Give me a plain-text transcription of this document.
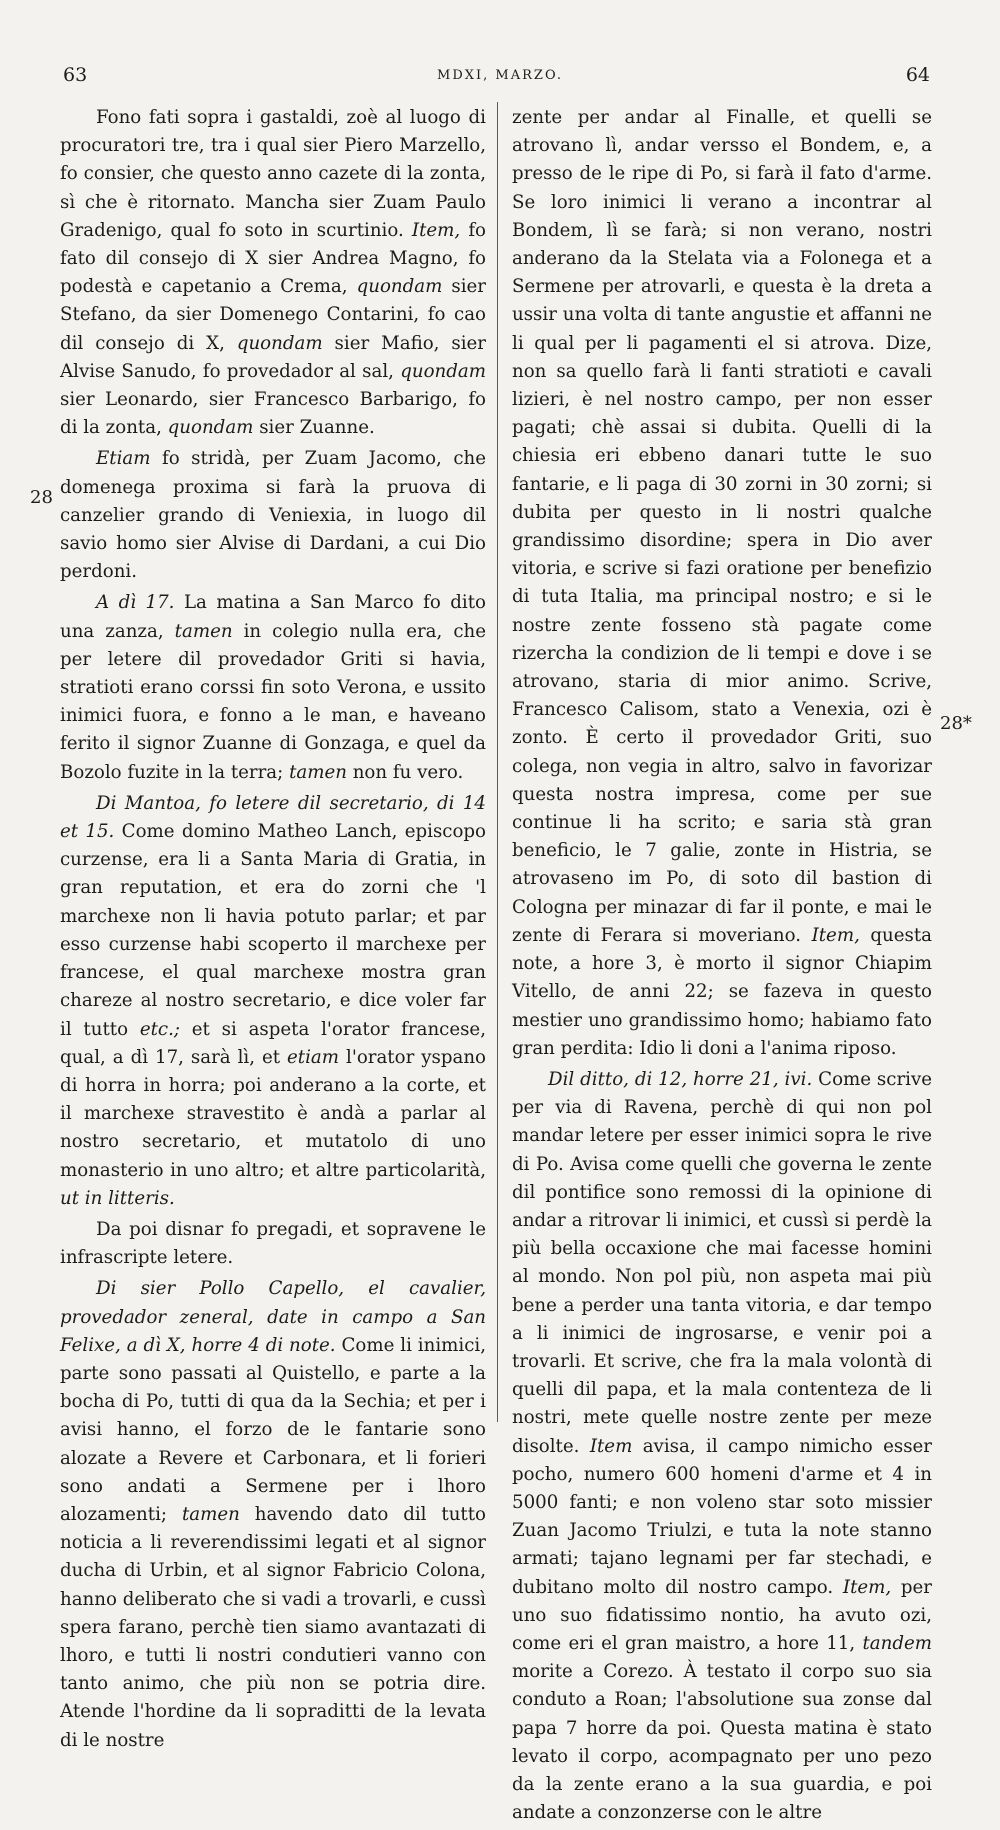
63	MDXI, MARZO.	64

Fono fati sopra i gastaldi, zoè al luogo di procuratori tre, tra i qual sier Piero Marzello, fo consier, che questo anno cazete di la zonta, sì che è ritornato. Mancha sier Zuam Paulo Gradenigo, qual fo soto in scurtinio. Item, fo fato dil consejo di X sier Andrea Magno, fo podestà e capetanio a Crema, quondam sier Stefano, da sier Domenego Contarini, fo cao dil consejo di X, quondam sier Mafio, sier Alvise Sanudo, fo provedador al sal, quondam sier Leonardo, sier Francesco Barbarigo, fo di la zonta, quondam sier Zuanne.

Etiam fo stridà, per Zuam Jacomo, che domenega proxima si farà la pruova di canzelier grando di Veniexia, in luogo dil savio homo sier Alvise di Dardani, a cui Dio perdoni.

A dì 17. La matina a San Marco fo dito una zanza, tamen in colegio nulla era, che per letere dil provedador Griti si havia, stratioti erano corssi fin soto Verona, e ussito inimici fuora, e fonno a le man, e haveano ferito il signor Zuanne di Gonzaga, e quel da Bozolo fuzite in la terra; tamen non fu vero.

Di Mantoa, fo letere dil secretario, di 14 et 15. Come domino Matheo Lanch, episcopo curzense, era li a Santa Maria di Gratia, in gran reputation, et era do zorni che 'l marchexe non li havia potuto parlar; et par esso curzense habi scoperto il marchexe per francese, el qual marchexe mostra gran chareze al nostro secretario, e dice voler far il tutto etc.; et si aspeta l'orator francese, qual, a dì 17, sarà lì, et etiam l'orator yspano di horra in horra; poi anderano a la corte, et il marchexe stravestito è andà a parlar al nostro secretario, et mutatolo di uno monasterio in uno altro; et altre particolarità, ut in litteris.

Da poi disnar fo pregadi, et sopravene le infrascripte letere.

Di sier Pollo Capello, el cavalier, provedador zeneral, date in campo a San Felixe, a dì X, horre 4 di note. Come li inimici, parte sono passati al Quistello, e parte a la bocha di Po, tutti di qua da la Sechia; et per i avisi hanno, el forzo de le fantarie sono alozate a Revere et Carbonara, et li forieri sono andati a Sermene per i lhoro alozamenti; tamen havendo dato dil tutto noticia a li reverendissimi legati et al signor ducha di Urbin, et al signor Fabricio Colona, hanno deliberato che si vadi a trovarli, e cussì spera farano, perchè tien siamo avantazati di lhoro, e tutti li nostri condutieri vanno con tanto animo, che più non se potria dire. Atende l'hordine da li sopraditti de la levata di le nostre

zente per andar al Finalle, et quelli se atrovano lì, andar versso el Bondem, e, a presso de le ripe di Po, si farà il fato d'arme. Se loro inimici li verano a incontrar al Bondem, lì se farà; si non verano, nostri anderano da la Stelata via a Folonega et a Sermene per atrovarli, e questa è la dreta a ussir una volta di tante angustie et affanni ne li qual per li pagamenti el si atrova. Dize, non sa quello farà li fanti stratioti e cavali lizieri, è nel nostro campo, per non esser pagati; chè assai si dubita. Quelli di la chiesia eri ebbeno danari tutte le suo fantarie, e li paga di 30 zorni in 30 zorni; si dubita per questo in li nostri qualche grandissimo disordine; spera in Dio aver vitoria, e scrive si fazi oratione per benefizio di tuta Italia, ma principal nostro; e si le nostre zente fosseno stà pagate come rizercha la condizion de li tempi e dove i se atrovano, staria di mior animo. Scrive, Francesco Calisom, stato a Venexia, ozi è zonto. È certo il provedador Griti, suo colega, non vegia in altro, salvo in favorizar questa nostra impresa, come per sue continue li ha scrito; e saria stà gran beneficio, le 7 galie, zonte in Histria, se atrovaseno im Po, di soto dil bastion di Cologna per minazar di far il ponte, e mai le zente di Ferara si moveriano. Item, questa note, a hore 3, è morto il signor Chiapim Vitello, de anni 22; se fazeva in questo mestier uno grandissimo homo; habiamo fato gran perdita: Idio li doni a l'anima riposo.

Dil ditto, di 12, horre 21, ivi. Come scrive per via di Ravena, perchè di qui non pol mandar letere per esser inimici sopra le rive di Po. Avisa come quelli che governa le zente dil pontifice sono remossi di la opinione di andar a ritrovar li inimici, et cussì si perdè la più bella occaxione che mai facesse homini al mondo. Non pol più, non aspeta mai più bene a perder una tanta vitoria, e dar tempo a li inimici de ingrosarse, e venir poi a trovarli. Et scrive, che fra la mala volontà di quelli dil papa, et la mala contenteza de li nostri, mete quelle nostre zente per meze disolte. Item avisa, il campo nimicho esser pocho, numero 600 homeni d'arme et 4 in 5000 fanti; e non voleno star soto missier Zuan Jacomo Triulzi, e tuta la note stanno armati; tajano legnami per far stechadi, e dubitano molto dil nostro campo. Item, per uno suo fidatissimo nontio, ha avuto ozi, come eri el gran maistro, a hore 11, tandem morite a Corezo. À testato il corpo suo sia conduto a Roan; l'absolutione sua zonse dal papa 7 horre da poi. Questa matina è stato levato il corpo, acompagnato per uno pezo da la zente erano a la sua guardia, e poi andate a conzonzerse con le altre

28
28*
